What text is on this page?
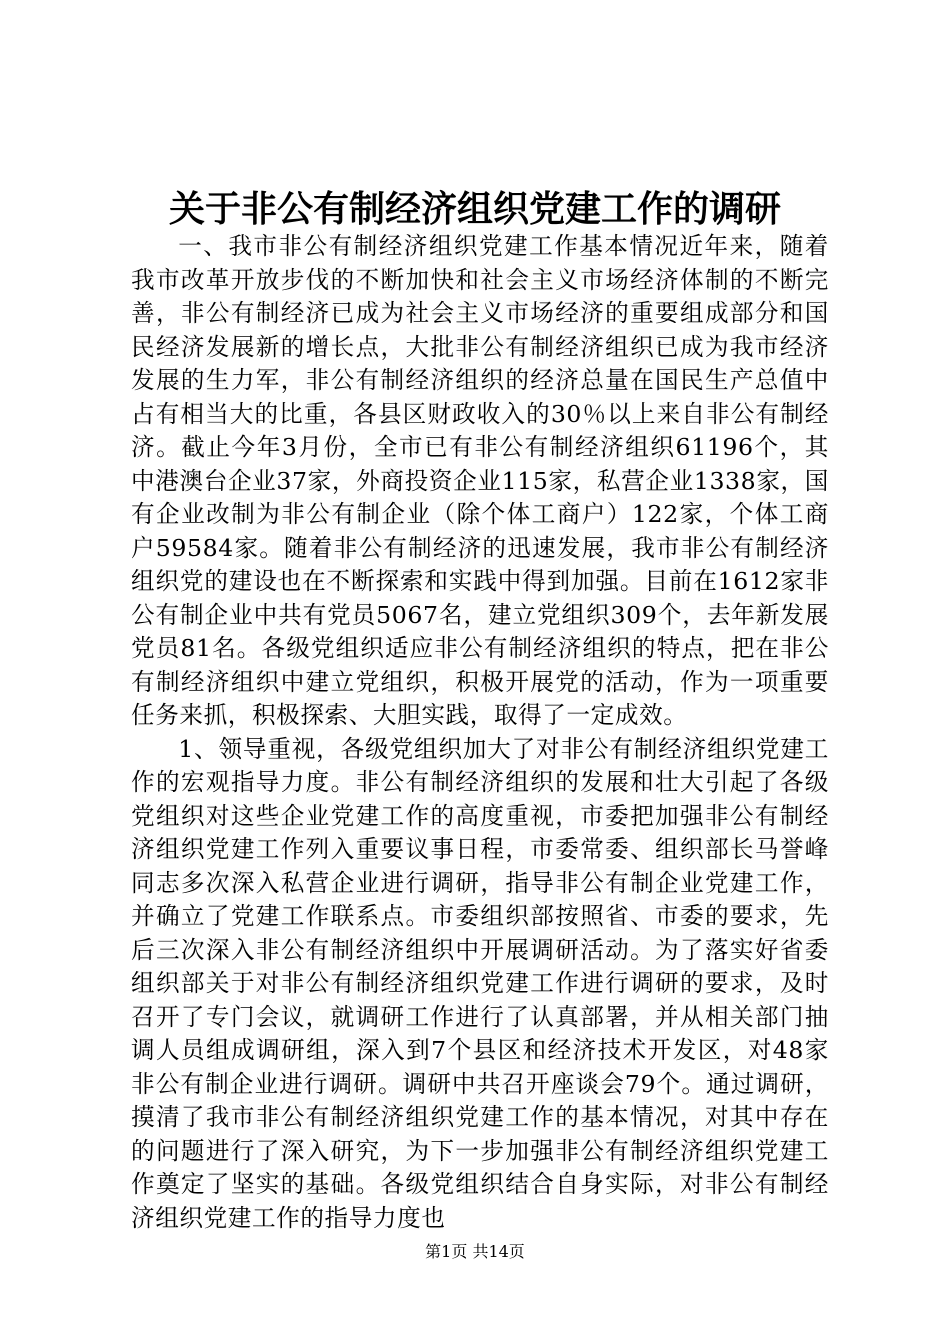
关于非公有制经济组织党建工作的调研

一、我市非公有制经济组织党建工作基本情况近年来，随着我市改革开放步伐的不断加快和社会主义市场经济体制的不断完善，非公有制经济已成为社会主义市场经济的重要组成部分和国民经济发展新的增长点，大批非公有制经济组织已成为我市经济发展的生力军，非公有制经济组织的经济总量在国民生产总值中占有相当大的比重，各县区财政收入的30％以上来自非公有制经济。截止今年3月份，全市已有非公有制经济组织61196个，其中港澳台企业37家，外商投资企业115家，私营企业1338家，国有企业改制为非公有制企业（除个体工商户）122家，个体工商户59584家。随着非公有制经济的迅速发展，我市非公有制经济组织党的建设也在不断探索和实践中得到加强。目前在1612家非公有制企业中共有党员5067名，建立党组织309个，去年新发展党员81名。各级党组织适应非公有制经济组织的特点，把在非公有制经济组织中建立党组织，积极开展党的活动，作为一项重要任务来抓，积极探索、大胆实践，取得了一定成效。

1、领导重视，各级党组织加大了对非公有制经济组织党建工作的宏观指导力度。非公有制经济组织的发展和壮大引起了各级党组织对这些企业党建工作的高度重视，市委把加强非公有制经济组织党建工作列入重要议事日程，市委常委、组织部长马誉峰同志多次深入私营企业进行调研，指导非公有制企业党建工作，并确立了党建工作联系点。市委组织部按照省、市委的要求，先后三次深入非公有制经济组织中开展调研活动。为了落实好省委组织部关于对非公有制经济组织党建工作进行调研的要求，及时召开了专门会议，就调研工作进行了认真部署，并从相关部门抽调人员组成调研组，深入到7个县区和经济技术开发区，对48家非公有制企业进行调研。调研中共召开座谈会79个。通过调研，摸清了我市非公有制经济组织党建工作的基本情况，对其中存在的问题进行了深入研究，为下一步加强非公有制经济组织党建工作奠定了坚实的基础。各级党组织结合自身实际，对非公有制经济组织党建工作的指导力度也

第1页 共14页
